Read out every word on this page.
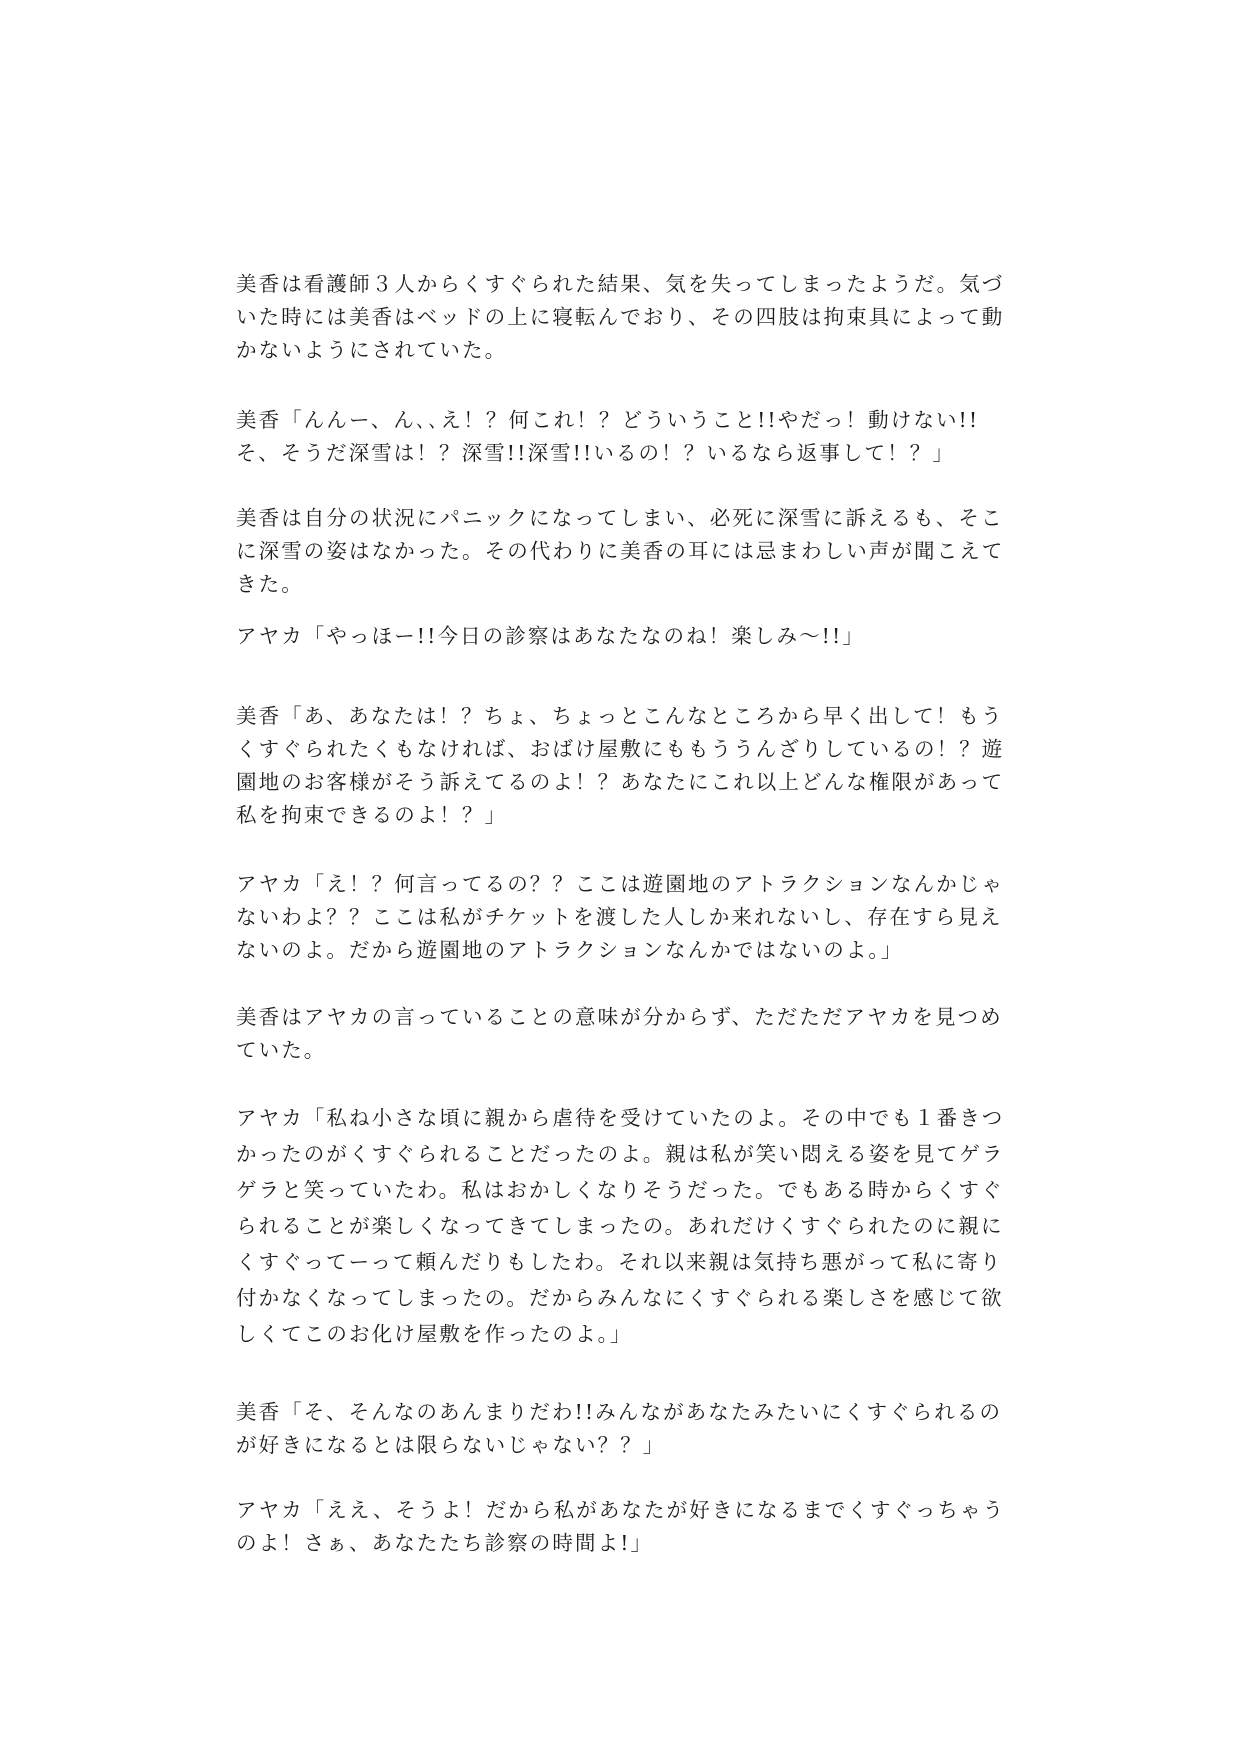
美香は看護師３人からくすぐられた結果、気を失ってしまったようだ。気づいた時には美香はベッドの上に寝転んでおり、その四肢は拘束具によって動かないようにされていた。

美香「んんー、ん､､え！？何これ！？どういうこと!!やだっ！動けない!!そ、そうだ深雪は！？深雪!!深雪!!いるの！？いるなら返事して！？」

美香は自分の状況にパニックになってしまい、必死に深雪に訴えるも、そこに深雪の姿はなかった。その代わりに美香の耳には忌まわしい声が聞こえてきた。

アヤカ「やっほー!!今日の診察はあなたなのね！楽しみ〜!!」

美香「あ、あなたは！？ちょ、ちょっとこんなところから早く出して！もうくすぐられたくもなければ、おばけ屋敷にももううんざりしているの！？遊園地のお客様がそう訴えてるのよ！？あなたにこれ以上どんな権限があって私を拘束できるのよ！？」

アヤカ「え！？何言ってるの？？ここは遊園地のアトラクションなんかじゃないわよ？？ここは私がチケットを渡した人しか来れないし、存在すら見えないのよ。だから遊園地のアトラクションなんかではないのよ。」

美香はアヤカの言っていることの意味が分からず、ただただアヤカを見つめていた。

アヤカ「私ね小さな頃に親から虐待を受けていたのよ。その中でも１番きつかったのがくすぐられることだったのよ。親は私が笑い悶える姿を見てゲラゲラと笑っていたわ。私はおかしくなりそうだった。でもある時からくすぐられることが楽しくなってきてしまったの。あれだけくすぐられたのに親にくすぐってーって頼んだりもしたわ。それ以来親は気持ち悪がって私に寄り付かなくなってしまったの。だからみんなにくすぐられる楽しさを感じて欲しくてこのお化け屋敷を作ったのよ。」

美香「そ、そんなのあんまりだわ!!みんながあなたみたいにくすぐられるのが好きになるとは限らないじゃない？？」

アヤカ「ええ、そうよ！だから私があなたが好きになるまでくすぐっちゃうのよ！さぁ、あなたたち診察の時間よ!」
